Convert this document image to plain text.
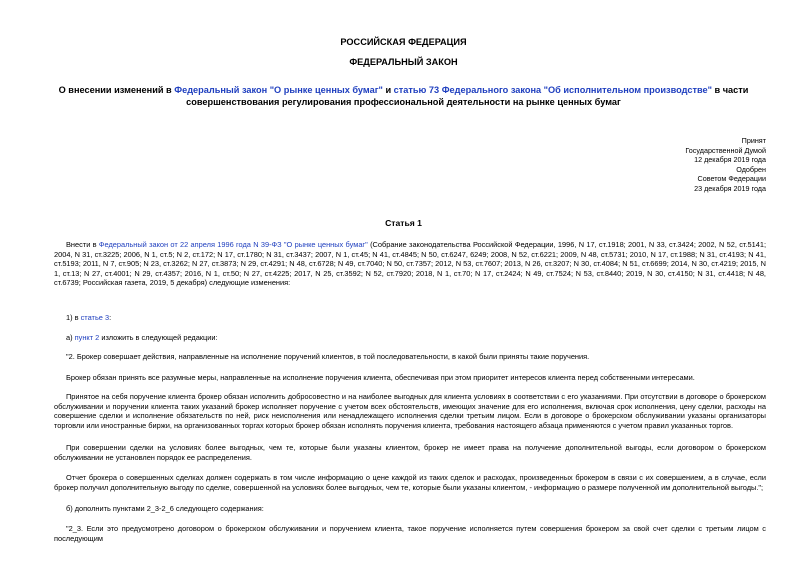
РОССИЙСКАЯ ФЕДЕРАЦИЯ
ФЕДЕРАЛЬНЫЙ ЗАКОН
О внесении изменений в Федеральный закон "О рынке ценных бумаг" и статью 73 Федерального закона "Об исполнительном производстве" в части совершенствования регулирования профессиональной деятельности на рынке ценных бумаг
Принят
Государственной Думой
12 декабря 2019 года
Одобрен
Советом Федерации
23 декабря 2019 года
Статья 1
Внести в Федеральный закон от 22 апреля 1996 года N 39-ФЗ "О рынке ценных бумаг" (Собрание законодательства Российской Федерации, 1996, N 17, ст.1918; 2001, N 33, ст.3424; 2002, N 52, ст.5141; 2004, N 31, ст.3225; 2006, N 1, ст.5; N 2, ст.172; N 17, ст.1780; N 31, ст.3437; 2007, N 1, ст.45; N 41, ст.4845; N 50, ст.6247, 6249; 2008, N 52, ст.6221; 2009, N 48, ст.5731; 2010, N 17, ст.1988; N 31, ст.4193; N 41, ст.5193; 2011, N 7, ст.905; N 23, ст.3262; N 27, ст.3873; N 29, ст.4291; N 48, ст.6728; N 49, ст.7040; N 50, ст.7357; 2012, N 53, ст.7607; 2013, N 26, ст.3207; N 30, ст.4084; N 51, ст.6699; 2014, N 30, ст.4219; 2015, N 1, ст.13; N 27, ст.4001; N 29, ст.4357; 2016, N 1, ст.50; N 27, ст.4225; 2017, N 25, ст.3592; N 52, ст.7920; 2018, N 1, ст.70; N 17, ст.2424; N 49, ст.7524; N 53, ст.8440; 2019, N 30, ст.4150; N 31, ст.4418; N 48, ст.6739; Российская газета, 2019, 5 декабря) следующие изменения:
1) в статье 3:
а) пункт 2 изложить в следующей редакции:
"2. Брокер совершает действия, направленные на исполнение поручений клиентов, в той последовательности, в какой были приняты такие поручения.
Брокер обязан принять все разумные меры, направленные на исполнение поручения клиента, обеспечивая при этом приоритет интересов клиента перед собственными интересами.
Принятое на себя поручение клиента брокер обязан исполнить добросовестно и на наиболее выгодных для клиента условиях в соответствии с его указаниями. При отсутствии в договоре о брокерском обслуживании и поручении клиента таких указаний брокер исполняет поручение с учетом всех обстоятельств, имеющих значение для его исполнения, включая срок исполнения, цену сделки, расходы на совершение сделки и исполнение обязательств по ней, риск неисполнения или ненадлежащего исполнения сделки третьим лицом. Если в договоре о брокерском обслуживании указаны организаторы торговли или иностранные биржи, на организованных торгах которых брокер обязан исполнять поручения клиента, требования настоящего абзаца применяются с учетом правил указанных торгов.
При совершении сделки на условиях более выгодных, чем те, которые были указаны клиентом, брокер не имеет права на получение дополнительной выгоды, если договором о брокерском обслуживании не установлен порядок ее распределения.
Отчет брокера о совершенных сделках должен содержать в том числе информацию о цене каждой из таких сделок и расходах, произведенных брокером в связи с их совершением, а в случае, если брокер получил дополнительную выгоду по сделке, совершенной на условиях более выгодных, чем те, которые были указаны клиентом, - информацию о размере полученной им дополнительной выгоды.";
б) дополнить пунктами 2_3-2_6 следующего содержания:
"2_3. Если это предусмотрено договором о брокерском обслуживании и поручением клиента, такое поручение исполняется путем совершения брокером за свой счет сделки с третьим лицом с последующим
